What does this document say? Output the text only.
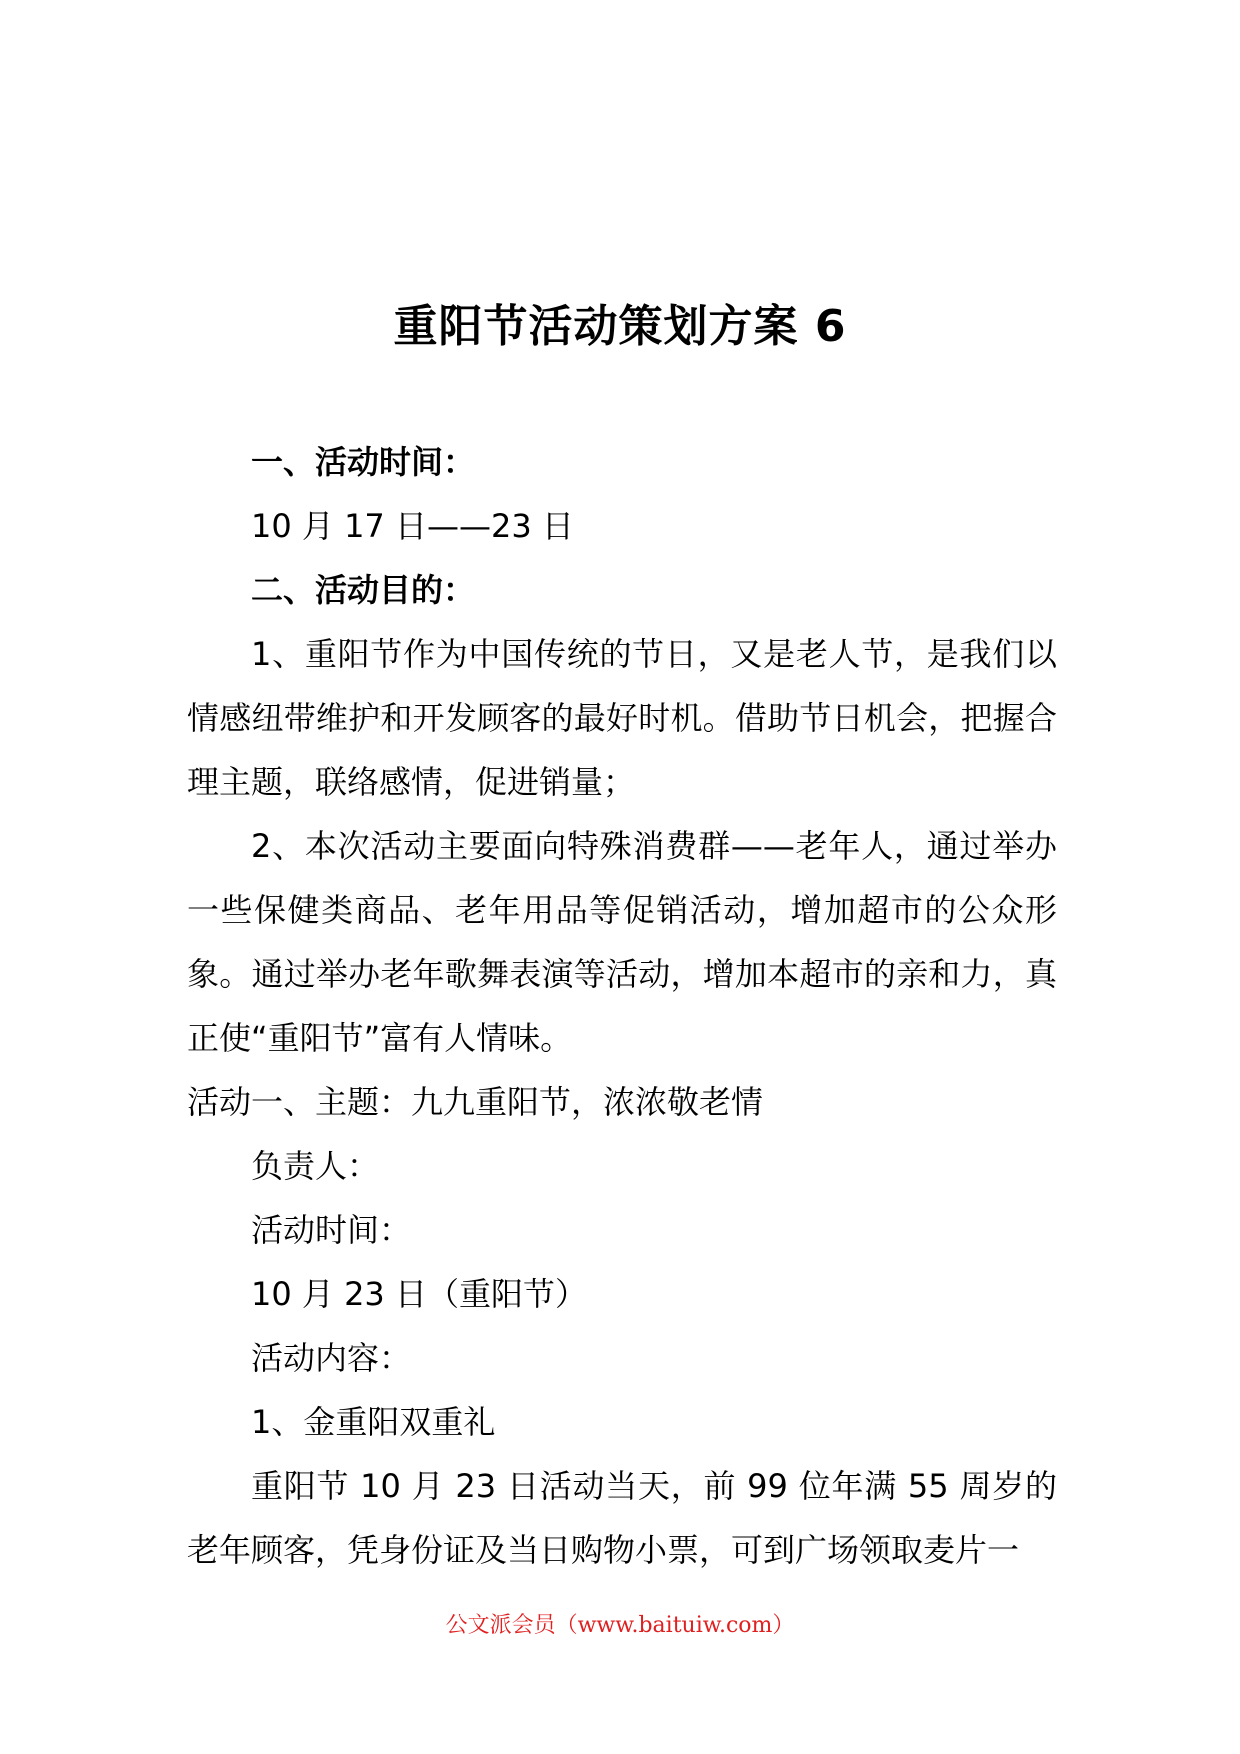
重阳节活动策划方案 6

一、活动时间：

10 月 17 日——23 日

二、活动目的：

1、重阳节作为中国传统的节日，又是老人节，是我们以情感纽带维护和开发顾客的最好时机。借助节日机会，把握合理主题，联络感情，促进销量；

2、本次活动主要面向特殊消费群——老年人，通过举办一些保健类商品、老年用品等促销活动，增加超市的公众形象。通过举办老年歌舞表演等活动，增加本超市的亲和力，真正使“重阳节”富有人情味。

活动一、主题：九九重阳节，浓浓敬老情

负责人：

活动时间：

10 月 23 日（重阳节）

活动内容：

1、金重阳双重礼

重阳节 10 月 23 日活动当天，前 99 位年满 55 周岁的老年顾客，凭身份证及当日购物小票，可到广场领取麦片一

公文派会员（www.baituiw.com）
